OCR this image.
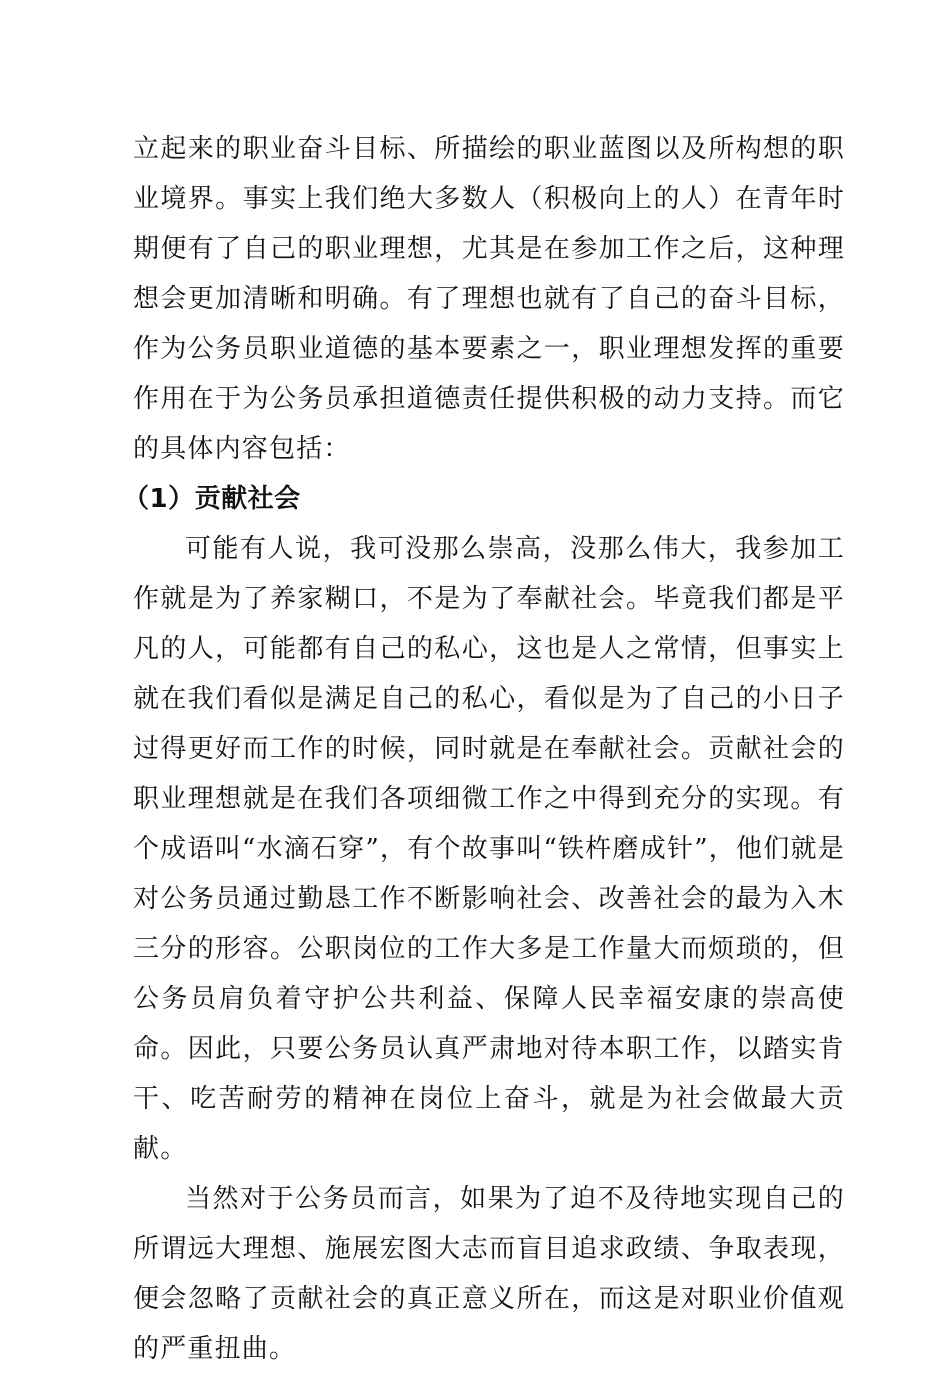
立起来的职业奋斗目标、所描绘的职业蓝图以及所构想的职业境界。事实上我们绝大多数人（积极向上的人）在青年时期便有了自己的职业理想，尤其是在参加工作之后，这种理想会更加清晰和明确。有了理想也就有了自己的奋斗目标，作为公务员职业道德的基本要素之一，职业理想发挥的重要作用在于为公务员承担道德责任提供积极的动力支持。而它的具体内容包括：

（1）贡献社会

可能有人说，我可没那么崇高，没那么伟大，我参加工作就是为了养家糊口，不是为了奉献社会。毕竟我们都是平凡的人，可能都有自己的私心，这也是人之常情，但事实上就在我们看似是满足自己的私心，看似是为了自己的小日子过得更好而工作的时候，同时就是在奉献社会。贡献社会的职业理想就是在我们各项细微工作之中得到充分的实现。有个成语叫“水滴石穿”，有个故事叫“铁杵磨成针”，他们就是对公务员通过勤恳工作不断影响社会、改善社会的最为入木三分的形容。公职岗位的工作大多是工作量大而烦琐的，但公务员肩负着守护公共利益、保障人民幸福安康的崇高使命。因此，只要公务员认真严肃地对待本职工作，以踏实肯干、吃苦耐劳的精神在岗位上奋斗，就是为社会做最大贡献。

当然对于公务员而言，如果为了迫不及待地实现自己的所谓远大理想、施展宏图大志而盲目追求政绩、争取表现，便会忽略了贡献社会的真正意义所在，而这是对职业价值观的严重扭曲。
